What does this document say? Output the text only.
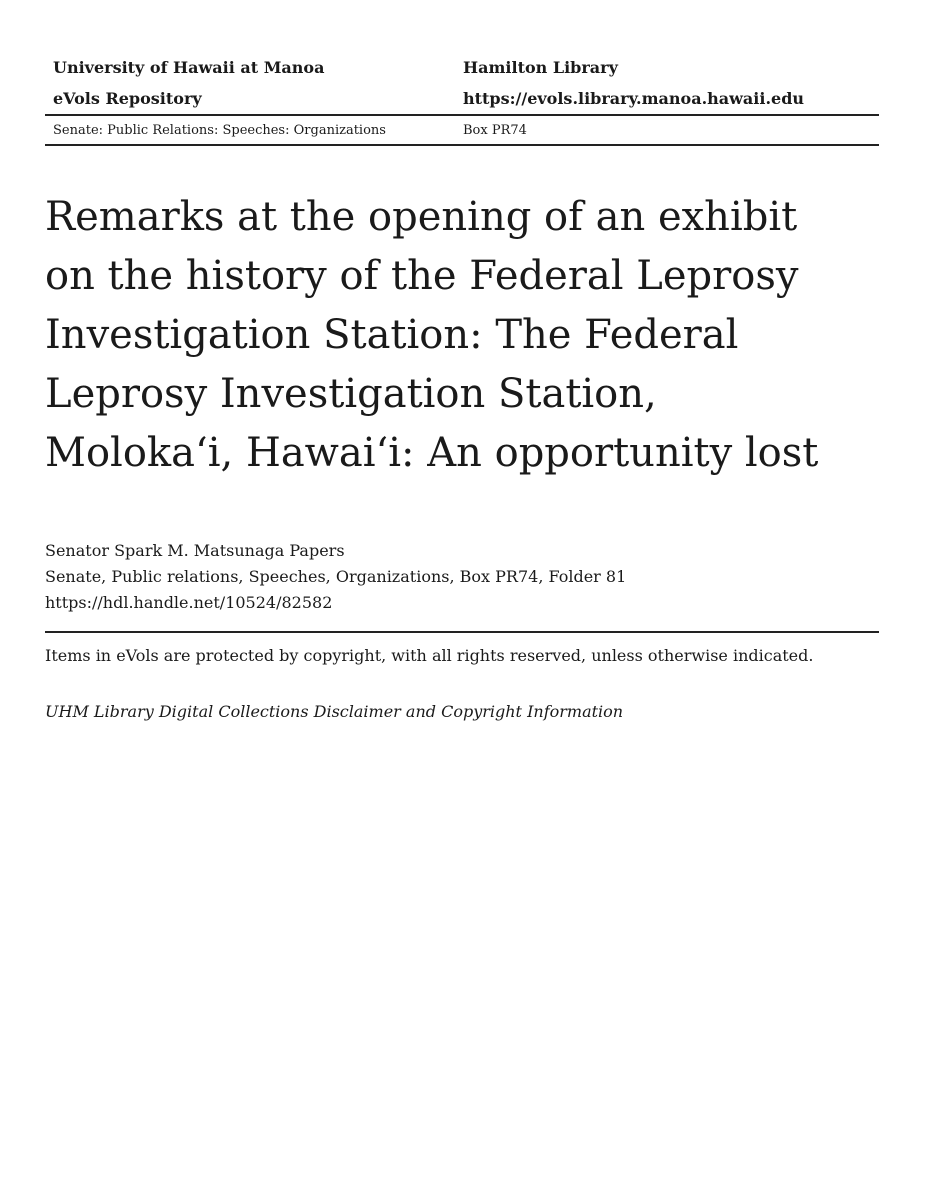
University of Hawaii at Manoa	Hamilton Library
eVols Repository	https://evols.library.manoa.hawaii.edu
Senate: Public Relations: Speeches: Organizations	Box PR74
Remarks at the opening of an exhibit
on the history of the Federal Leprosy
Investigation Station: The Federal
Leprosy Investigation Station,
Moloka‘i, Hawai‘i: An opportunity lost
Senator Spark M. Matsunaga Papers
Senate, Public relations, Speeches, Organizations, Box PR74, Folder 81
https://hdl.handle.net/10524/82582
Items in eVols are protected by copyright, with all rights reserved, unless otherwise indicated.
UHM Library Digital Collections Disclaimer and Copyright Information
